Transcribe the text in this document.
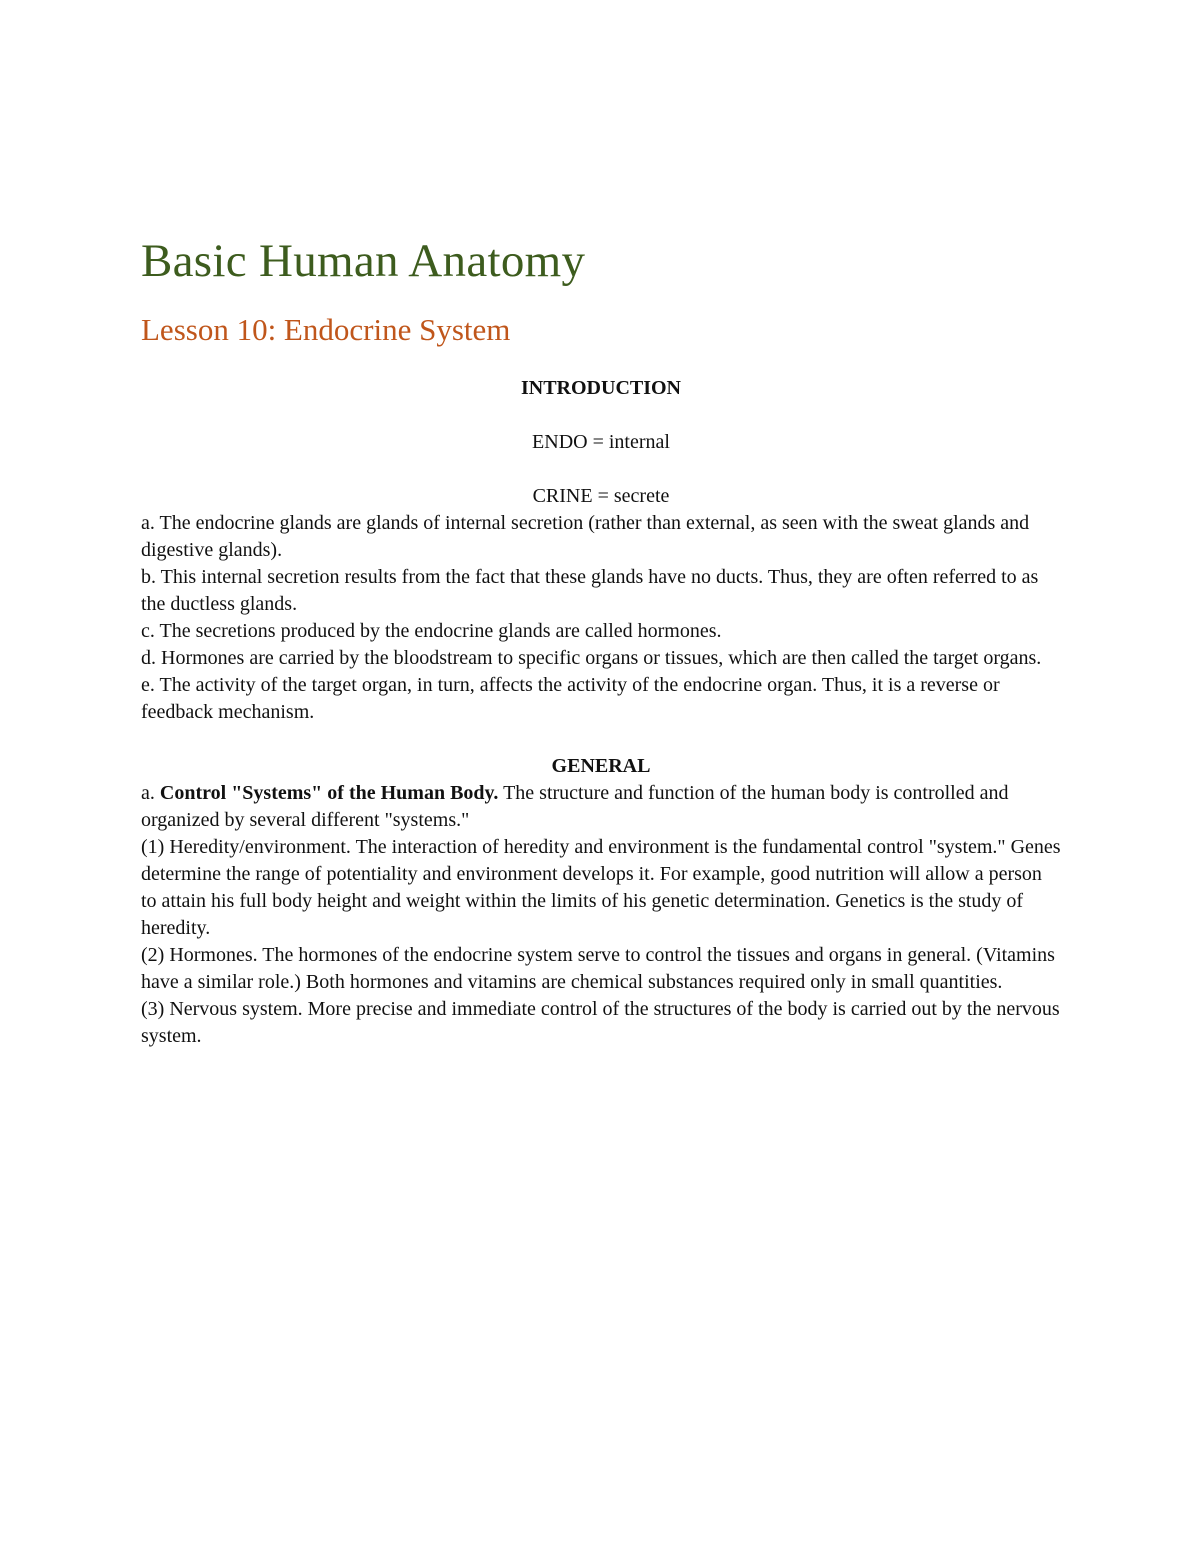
Basic Human Anatomy
Lesson 10: Endocrine System
INTRODUCTION
ENDO = internal
CRINE = secrete

a. The endocrine glands are glands of internal secretion (rather than external, as seen with the sweat glands and digestive glands).

b. This internal secretion results from the fact that these glands have no ducts. Thus, they are often referred to as the ductless glands.

c. The secretions produced by the endocrine glands are called hormones.

d. Hormones are carried by the bloodstream to specific organs or tissues, which are then called the target organs.

e. The activity of the target organ, in turn, affects the activity of the endocrine organ. Thus, it is a reverse or feedback mechanism.

GENERAL

a. Control "Systems" of the Human Body. The structure and function of the human body is controlled and organized by several different "systems."

(1) Heredity/environment. The interaction of heredity and environment is the fundamental control "system." Genes determine the range of potentiality and environment develops it. For example, good nutrition will allow a person to attain his full body height and weight within the limits of his genetic determination. Genetics is the study of heredity.

(2) Hormones. The hormones of the endocrine system serve to control the tissues and organs in general. (Vitamins have a similar role.) Both hormones and vitamins are chemical substances required only in small quantities.

(3) Nervous system. More precise and immediate control of the structures of the body is carried out by the nervous system.
